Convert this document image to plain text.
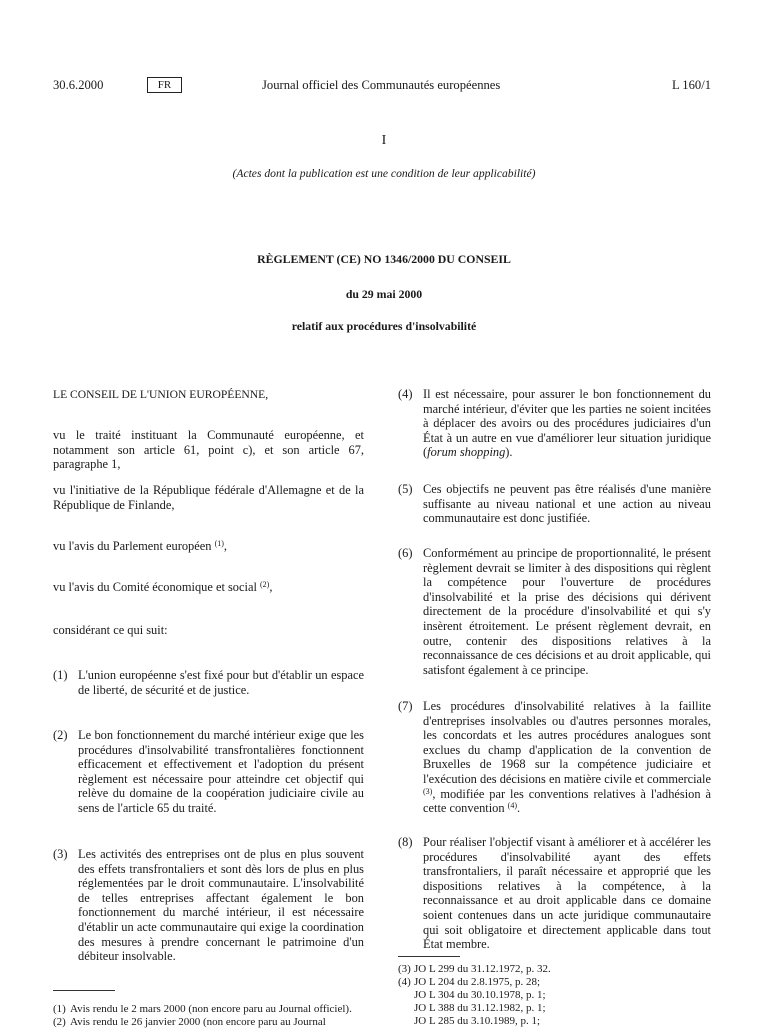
30.6.2000	FR	Journal officiel des Communautés européennes	L 160/1
I
(Actes dont la publication est une condition de leur applicabilité)
RÈGLEMENT (CE) NO 1346/2000 DU CONSEIL
du 29 mai 2000
relatif aux procédures d'insolvabilité
LE CONSEIL DE L'UNION EUROPÉENNE,
vu le traité instituant la Communauté européenne, et notamment son article 61, point c), et son article 67, paragraphe 1,
vu l'initiative de la République fédérale d'Allemagne et de la République de Finlande,
vu l'avis du Parlement européen $^{(1)}$,
vu l'avis du Comité économique et social $^{(2)}$,
considérant ce qui suit:
(1) L'union européenne s'est fixé pour but d'établir un espace de liberté, de sécurité et de justice.
(2) Le bon fonctionnement du marché intérieur exige que les procédures d'insolvabilité transfrontalières fonctionnent efficacement et effectivement et l'adoption du présent règlement est nécessaire pour atteindre cet objectif qui relève du domaine de la coopération judiciaire civile au sens de l'article 65 du traité.
(3) Les activités des entreprises ont de plus en plus souvent des effets transfrontaliers et sont dès lors de plus en plus réglementées par le droit communautaire. L'insolvabilité de telles entreprises affectant également le bon fonctionnement du marché intérieur, il est nécessaire d'établir un acte communautaire qui exige la coordination des mesures à prendre concernant le patrimoine d'un débiteur insolvable.
(1) Avis rendu le 2 mars 2000 (non encore paru au Journal officiel).
(2) Avis rendu le 26 janvier 2000 (non encore paru au Journal
(4) Il est nécessaire, pour assurer le bon fonctionnement du marché intérieur, d'éviter que les parties ne soient incitées à déplacer des avoirs ou des procédures judiciaires d'un État à un autre en vue d'améliorer leur situation juridique (forum shopping).
(5) Ces objectifs ne peuvent pas être réalisés d'une manière suffisante au niveau national et une action au niveau communautaire est donc justifiée.
(6) Conformément au principe de proportionnalité, le présent règlement devrait se limiter à des dispositions qui règlent la compétence pour l'ouverture de procédures d'insolvabilité et la prise des décisions qui dérivent directement de la procédure d'insolvabilité et qui s'y insèrent étroitement. Le présent règlement devrait, en outre, contenir des dispositions relatives à la reconnaissance de ces décisions et au droit applicable, qui satisfont également à ce principe.
(7) Les procédures d'insolvabilité relatives à la faillite d'entreprises insolvables ou d'autres personnes morales, les concordats et les autres procédures analogues sont exclues du champ d'application de la convention de Bruxelles de 1968 sur la compétence judiciaire et l'exécution des décisions en matière civile et commerciale $^{(3)}$, modifiée par les conventions relatives à l'adhésion à cette convention $^{(4)}$.
(8) Pour réaliser l'objectif visant à améliorer et à accélérer les procédures d'insolvabilité ayant des effets transfrontaliers, il paraît nécessaire et approprié que les dispositions relatives à la compétence, à la reconnaissance et au droit applicable dans ce domaine soient contenues dans un acte juridique communautaire qui soit obligatoire et directement applicable dans tout État membre.
(3) JO L 299 du 31.12.1972, p. 32.
(4) JO L 204 du 2.8.1975, p. 28;
JO L 304 du 30.10.1978, p. 1;
JO L 388 du 31.12.1982, p. 1;
JO L 285 du 3.10.1989, p. 1;
